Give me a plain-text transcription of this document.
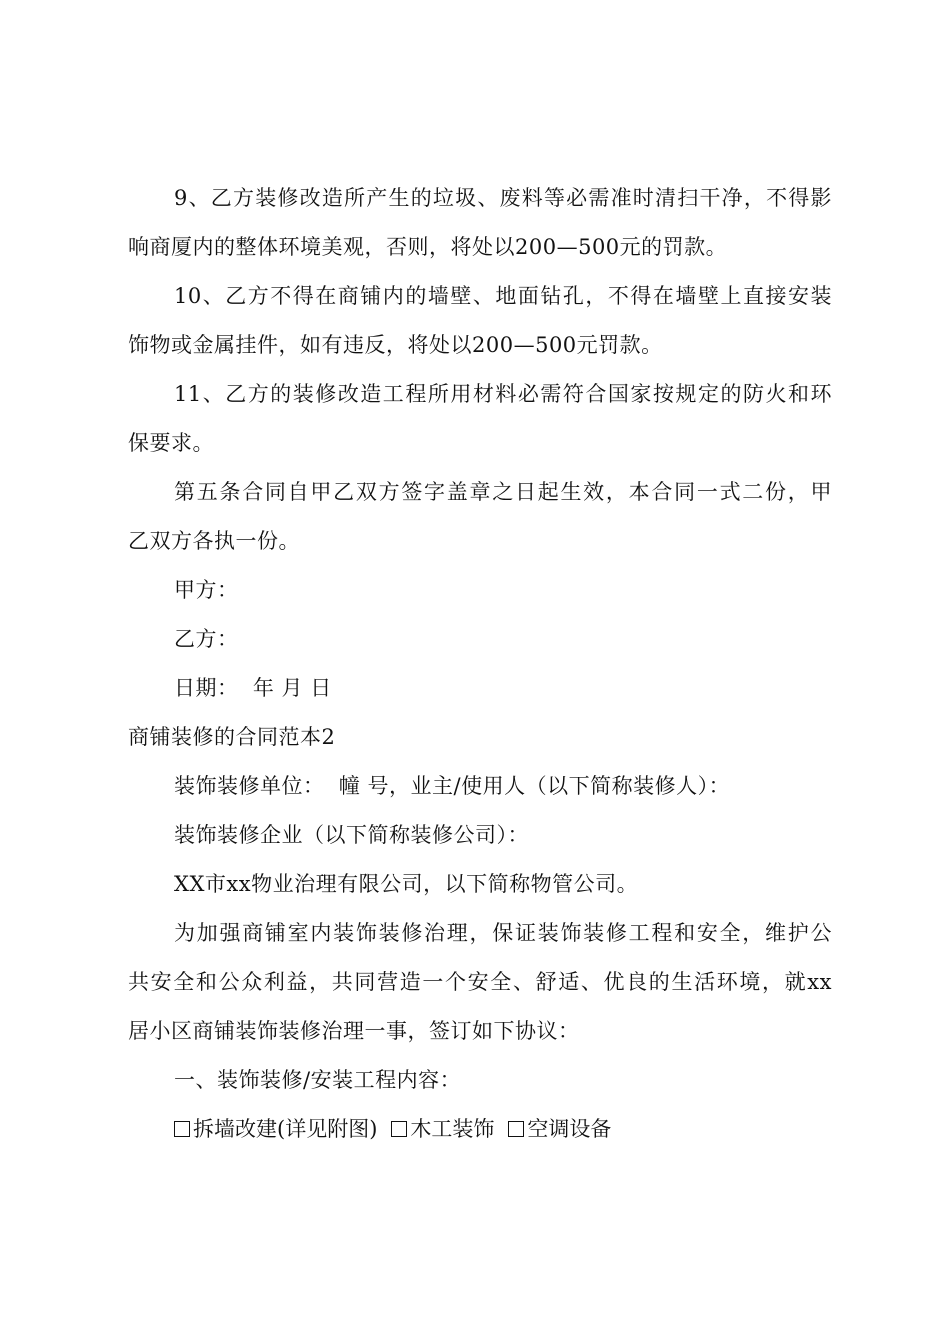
9、乙方装修改造所产生的垃圾、废料等必需准时清扫干净，不得影
响商厦内的整体环境美观，否则，将处以200—500元的罚款。
10、乙方不得在商铺内的墙壁、地面钻孔，不得在墙壁上直接安装
饰物或金属挂件，如有违反，将处以200—500元罚款。
11、乙方的装修改造工程所用材料必需符合国家按规定的防火和环
保要求。
第五条合同自甲乙双方签字盖章之日起生效，本合同一式二份，甲
乙双方各执一份。
甲方：
乙方：
日期：  年 月 日
商铺装修的合同范本2
装饰装修单位：  幢 号，业主/使用人（以下简称装修人）：
装饰装修企业（以下简称装修公司）：
XX市xx物业治理有限公司，以下简称物管公司。
为加强商铺室内装饰装修治理，保证装饰装修工程和安全，维护公
共安全和公众利益，共同营造一个安全、舒适、优良的生活环境，就xx
居小区商铺装饰装修治理一事，签订如下协议：
一、装饰装修/安装工程内容：
拆墙改建(详见附图) 木工装饰 空调设备
